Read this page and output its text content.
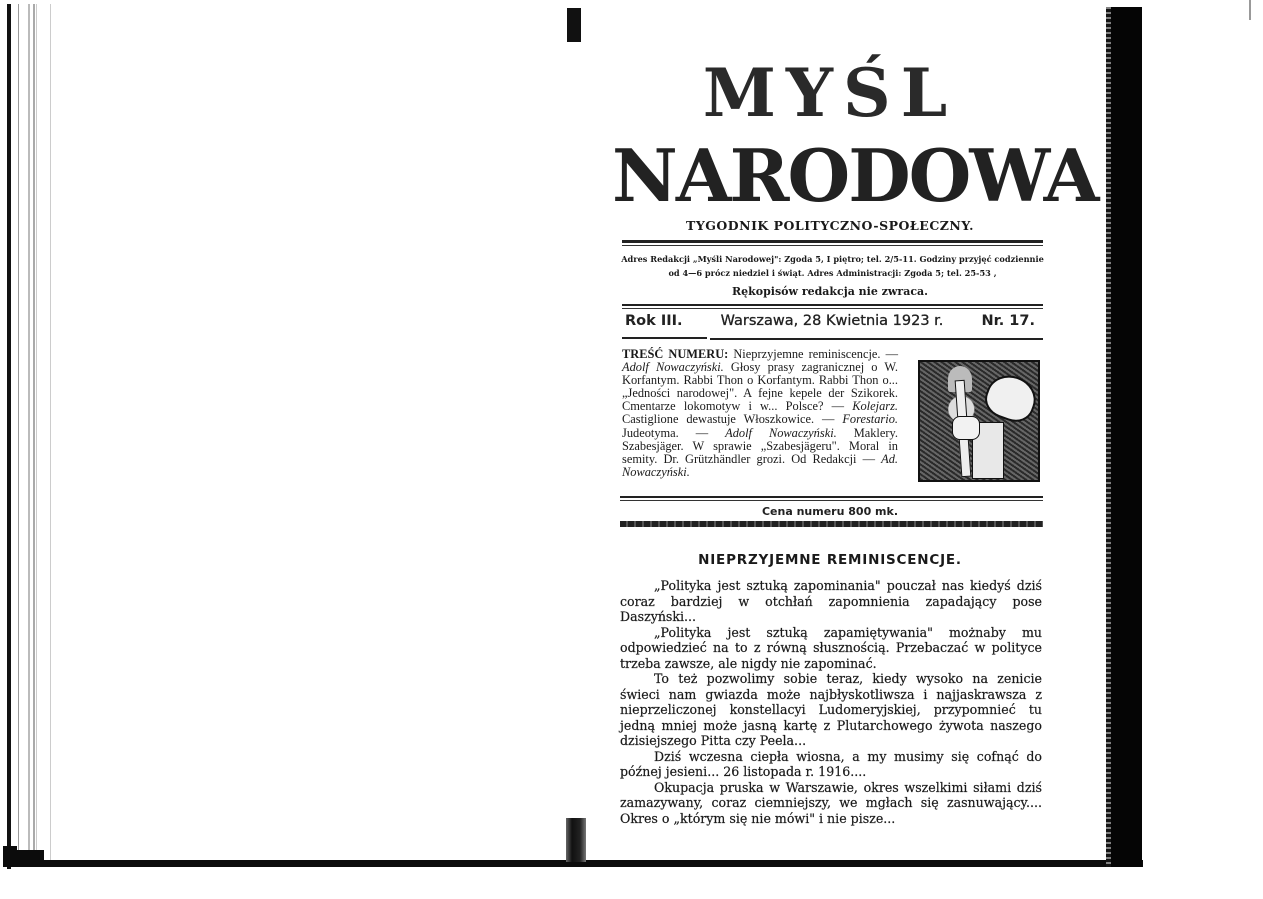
MYŚL
NARODOWA
TYGODNIK POLITYCZNO-SPOŁECZNY.
Adres Redakcji „Myśli Narodowej": Zgoda 5, I piętro; tel. 2/5-11. Godziny przyjęć codziennie od 4—6 prócz niedziel i świąt. Adres Administracji: Zgoda 5; tel. 25-53 ,
Rękopisów redakcja nie zwraca.
Rok III.	Warszawa, 28 Kwietnia 1923 r.	Nr. 17.
TREŚĆ NUMERU: Nieprzyjemne reminiscencje. — Adolf Nowaczyński. Głosy prasy zagranicznej o W. Korfantym. Rabbi Thon o Korfantym. Rabbi Thon o... „Jedności narodowej". A fejne kepele der Szikorek. Cmentarze lokomotyw i w... Polsce? — Kolejarz. Castiglione dewastuje Włoszkowice. — Forestario. Judeotyma. — Adolf Nowaczyński. Maklery. Szabesjäger. W sprawie „Szabesjägeru". Moral in semity. Dr. Grützhändler grozi. Od Redakcji — Ad. Nowaczyński.
Cena numeru 800 mk.
NIEPRZYJEMNE REMINISCENCJE.

„Polityka jest sztuką zapominania" pouczał nas kiedyś dziś coraz bardziej w otchłań zapomnienia zapadający pose Daszyński...

„Polityka jest sztuką zapamiętywania" możnaby mu odpowiedzieć na to z równą słusznością. Przebaczać w polityce trzeba zawsze, ale nigdy nie zapominać.

To też pozwolimy sobie teraz, kiedy wysoko na zenicie świeci nam gwiazda może najbłyskotliwsza i najjaskrawsza z nieprzeliczonej konstellacyi Ludomeryjskiej, przypomnieć tu jedną mniej może jasną kartę z Plutarchowego żywota naszego dzisiejszego Pitta czy Peela...

Dziś wczesna ciepła wiosna, a my musimy się cofnąć do późnej jesieni... 26 listopada r. 1916....

Okupacja pruska w Warszawie, okres wszelkimi siłami dziś zamazywany, coraz ciemniejszy, we mgłach się zasnuwający.... Okres o „którym się nie mówi" i nie pisze...
